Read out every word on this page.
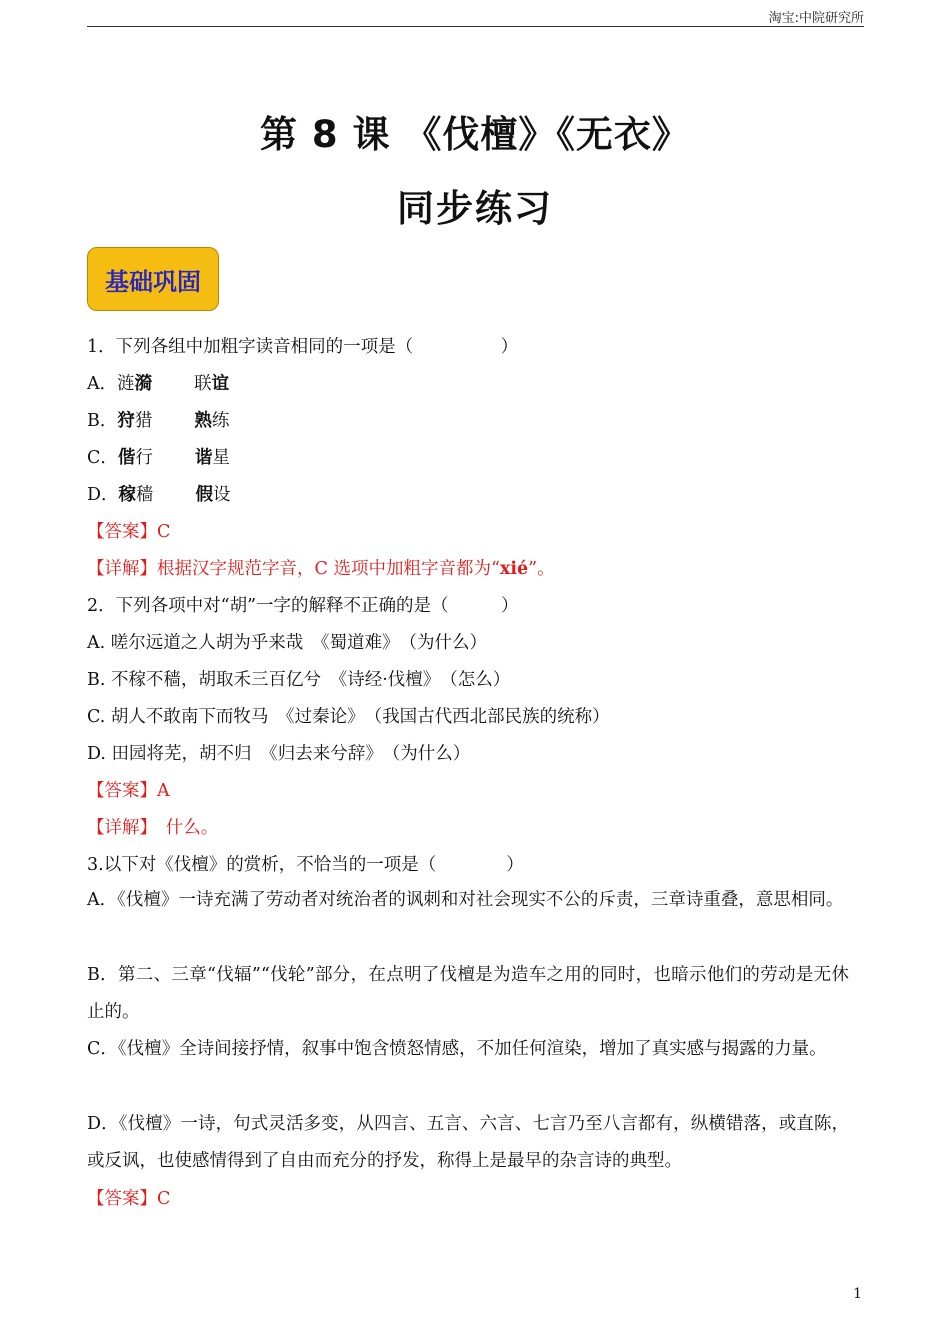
淘宝:中院研究所
第 8 课 《伐檀》《无衣》
同步练习
基础巩固
1．下列各组中加粗字读音相同的一项是（　　　　　）
A．涟漪 联谊
B．狩猎 熟练
C．偕行 谐星
D．稼穑 假设
【答案】C
【详解】根据汉字规范字音，C 选项中加粗字音都为“xié”。
2．下列各项中对“胡”一字的解释不正确的是（　　　）
A. 嗟尔远道之人胡为乎来哉　《蜀道难》　（为什么）
B. 不稼不穑，胡取禾三百亿兮　《诗经·伐檀》　（怎么）
C. 胡人不敢南下而牧马　《过秦论》　（我国古代西北部民族的统称）
D. 田园将芜，胡不归　《归去来兮辞》　（为什么）
【答案】A
【详解】　什么。
3.以下对《伐檀》的赏析，不恰当的一项是（　　　　）
A．《伐檀》一诗充满了劳动者对统治者的讽刺和对社会现实不公的斥责，三章诗重叠，意思相同。
B．第二、三章“伐辐”“伐轮”部分，在点明了伐檀是为造车之用的同时，也暗示他们的劳动是无休止的。
C．《伐檀》全诗间接抒情，叙事中饱含愤怒情感，不加任何渲染，增加了真实感与揭露的力量。
D．《伐檀》一诗，句式灵活多变，从四言、五言、六言、七言乃至八言都有，纵横错落，或直陈，或反讽，也使感情得到了自由而充分的抒发，称得上是最早的杂言诗的典型。
【答案】C
1
